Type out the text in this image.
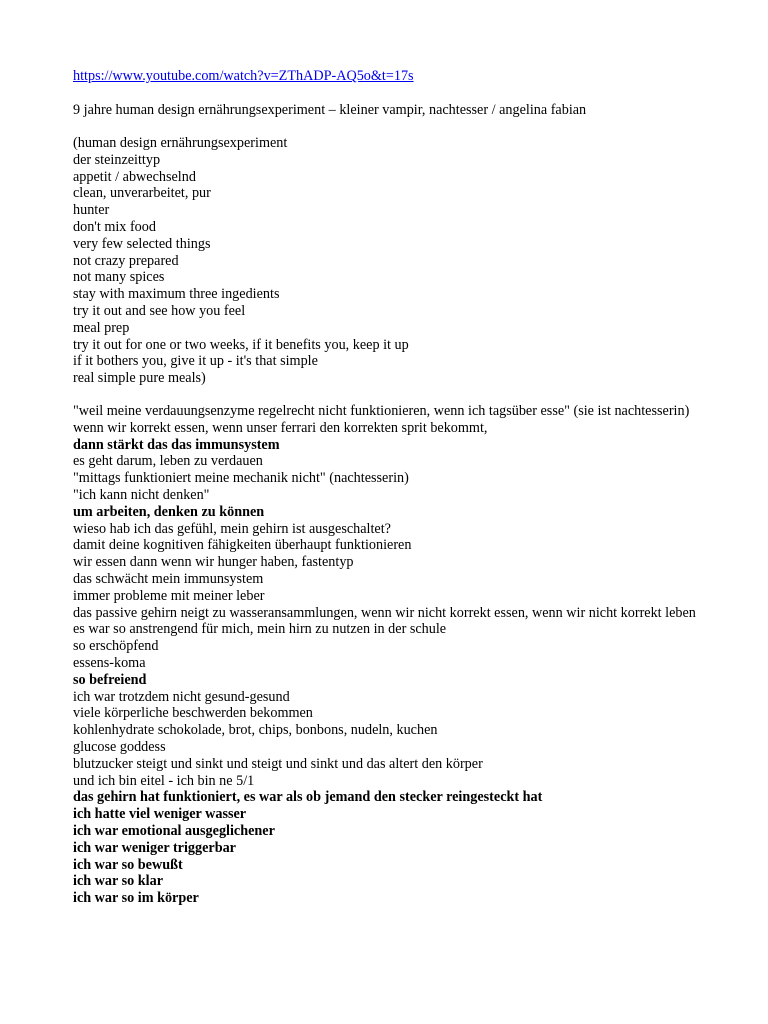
https://www.youtube.com/watch?v=ZThADP-AQ5o&t=17s
9 jahre human design ernährungsexperiment – kleiner vampir, nachtesser / angelina fabian
(human design ernährungsexperiment
der steinzeittyp
appetit / abwechselnd
clean, unverarbeitet, pur
hunter
don't mix food
very few selected things
not crazy prepared
not many spices
stay with maximum three ingedients
try it out and see how you feel
meal prep
try it out for one or two weeks, if it benefits you, keep it up
if it bothers you, give it up - it's that simple
real simple pure meals)
"weil meine verdauungsenzyme regelrecht nicht funktionieren, wenn ich tagsüber esse" (sie ist nachtesserin)
wenn wir korrekt essen, wenn unser ferrari den korrekten sprit bekommt,
dann stärkt das das immunsystem
es geht darum, leben zu verdauen
"mittags funktioniert meine mechanik nicht" (nachtesserin)
"ich kann nicht denken"
um arbeiten, denken zu können
wieso hab ich das gefühl, mein gehirn ist ausgeschaltet?
damit deine kognitiven fähigkeiten überhaupt funktionieren
wir essen dann wenn wir hunger haben, fastentyp
das schwächt mein immunsystem
immer probleme mit meiner leber
das passive gehirn neigt zu wasseransammlungen, wenn wir nicht korrekt essen, wenn wir nicht korrekt leben
es war so anstrengend für mich, mein hirn zu nutzen in der schule
so erschöpfend
essens-koma
so befreiend
ich war trotzdem nicht gesund-gesund
viele körperliche beschwerden bekommen
kohlenhydrate schokolade, brot, chips, bonbons, nudeln, kuchen
glucose goddess
blutzucker steigt und sinkt und steigt und sinkt und das altert den körper
und ich bin eitel - ich bin ne 5/1
das gehirn hat funktioniert, es war als ob jemand den stecker reingesteckt hat
ich hatte viel weniger wasser
ich war emotional ausgeglichener
ich war weniger triggerbar
ich war so bewußt
ich war so klar
ich war so im körper
